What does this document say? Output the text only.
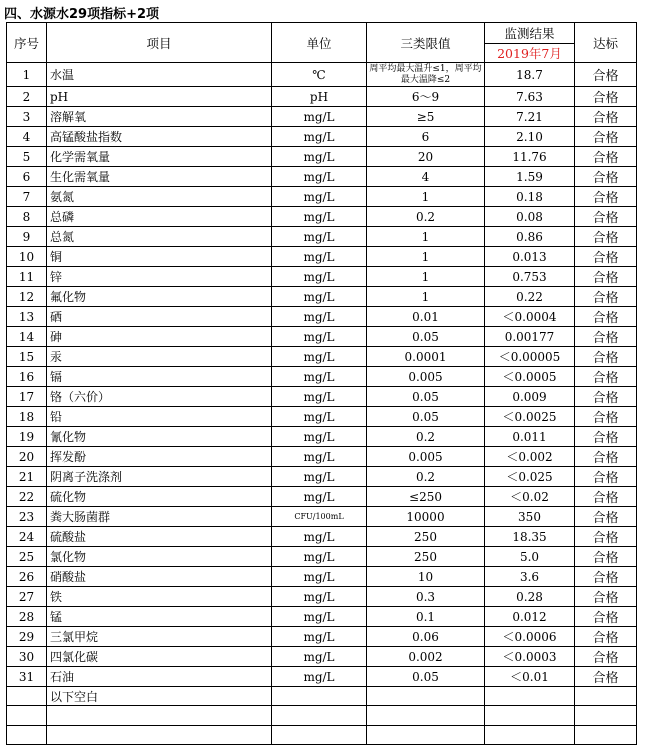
四、水源水29项指标+2项
序号	项目	单位	三类限值	监测结果	达标
				2019年7月	
1	水温	℃	周平均最大温升≤1，周平均最大温降≤2	18.7	合格
2	pH	pH	6～9	7.63	合格
3	溶解氧	mg/L	≥5	7.21	合格
4	高锰酸盐指数	mg/L	6	2.10	合格
5	化学需氧量	mg/L	20	11.76	合格
6	生化需氧量	mg/L	4	1.59	合格
7	氨氮	mg/L	1	0.18	合格
8	总磷	mg/L	0.2	0.08	合格
9	总氮	mg/L	1	0.86	合格
10	铜	mg/L	1	0.013	合格
11	锌	mg/L	1	0.753	合格
12	氟化物	mg/L	1	0.22	合格
13	硒	mg/L	0.01	＜0.0004	合格
14	砷	mg/L	0.05	0.00177	合格
15	汞	mg/L	0.0001	＜0.00005	合格
16	镉	mg/L	0.005	＜0.0005	合格
17	铬（六价）	mg/L	0.05	0.009	合格
18	铅	mg/L	0.05	＜0.0025	合格
19	氰化物	mg/L	0.2	0.011	合格
20	挥发酚	mg/L	0.005	＜0.002	合格
21	阴离子洗涤剂	mg/L	0.2	＜0.025	合格
22	硫化物	mg/L	≤250	＜0.02	合格
23	粪大肠菌群	CFU/100mL	10000	350	合格
24	硫酸盐	mg/L	250	18.35	合格
25	氯化物	mg/L	250	5.0	合格
26	硝酸盐	mg/L	10	3.6	合格
27	铁	mg/L	0.3	0.28	合格
28	锰	mg/L	0.1	0.012	合格
29	三氯甲烷	mg/L	0.06	＜0.0006	合格
30	四氯化碳	mg/L	0.002	＜0.0003	合格
31	石油	mg/L	0.05	＜0.01	合格
	以下空白				
